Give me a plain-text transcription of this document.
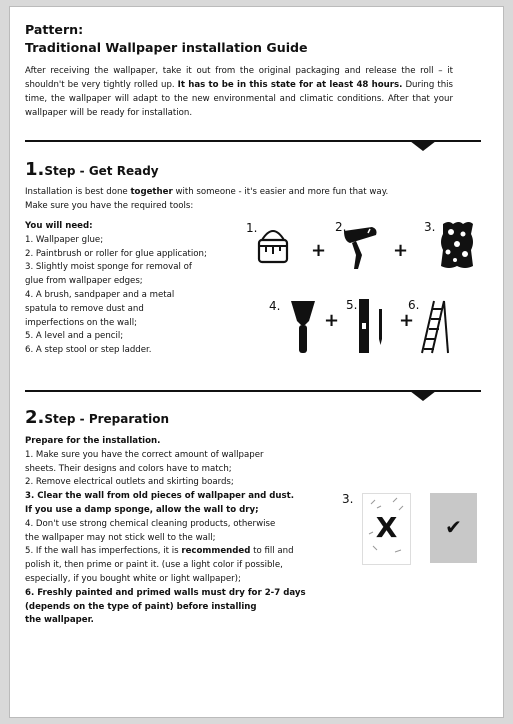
Pattern:
Traditional Wallpaper installation Guide
After receiving the wallpaper, take it out from the original packaging and release the roll – it shouldn't be very tightly rolled up. It has to be in this state for at least 48 hours. During this time, the wallpaper will adapt to the new environmental and climatic conditions. After that your wallpaper will be ready for installation.
1.Step - Get Ready
Installation is best done together with someone - it's easier and more fun that way.
Make sure you have the required tools:
You will need:
1. Wallpaper glue;
2. Paintbrush or roller for glue application;
3. Slightly moist sponge for removal of
glue from wallpaper edges;
4. A brush, sandpaper and a metal
spatula to remove dust and
imperfections on the wall;
5. A level and a pencil;
6. A step stool or step ladder.
1.
+
2.
+
3.
4.
+
5.
+
6.
2.Step - Preparation
Prepare for the installation.
1. Make sure you have the correct amount of wallpaper
sheets. Their designs and colors have to match;
2. Remove electrical outlets and skirting boards;
3. Clear the wall from old pieces of wallpaper and dust.
If you use a damp sponge, allow the wall to dry;
4. Don't use strong chemical cleaning products, otherwise
the wallpaper may not stick well to the wall;
5. If the wall has imperfections, it is recommended to fill and
polish it, then prime or paint it. (use a light color if possible,
especially, if you bought white or light wallpaper);
6. Freshly painted and primed walls must dry for 2-7 days
(depends on the type of paint) before installing
the wallpaper.
3.
X	✔
